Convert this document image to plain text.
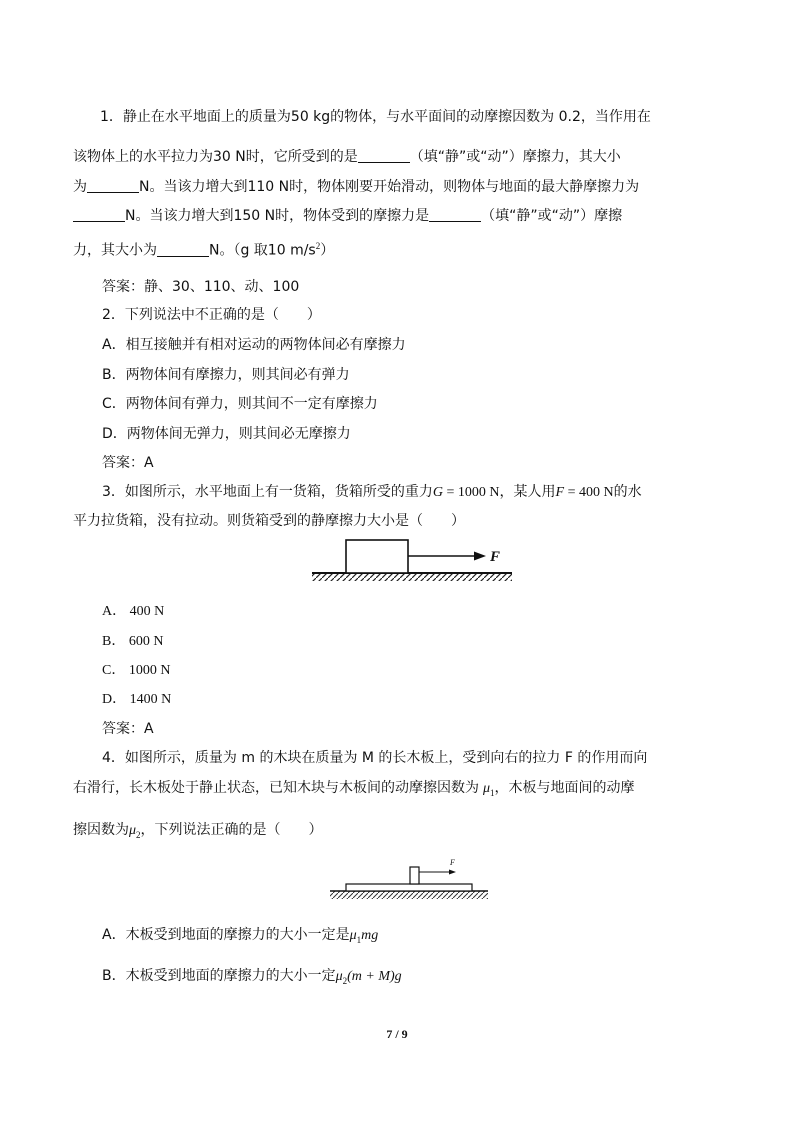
1．静止在水平地面上的质量为50 kg的物体，与水平面间的动摩擦因数为 0.2，当作用在
该物体上的水平拉力为30 N时，它所受到的是	（填“静”或“动”）摩擦力，其大小
为	N。当该力增大到110 N时，物体刚要开始滑动，则物体与地面的最大静摩擦力为
N。当该力增大到150 N时，物体受到的摩擦力是	（填“静”或“动”）摩擦
力，其大小为	N。（g 取10 $m/s^2$）
答案：静、30、110、动、100
2．下列说法中不正确的是（　　）
A．相互接触并有相对运动的两物体间必有摩擦力
B．两物体间有摩擦力，则其间必有弹力
C．两物体间有弹力，则其间不一定有摩擦力
D．两物体间无弹力，则其间必无摩擦力
答案：A
3．如图所示，水平地面上有一货箱，货箱所受的重力G = 1000 N，某人用F = 400 N的水
平力拉货箱，没有拉动。则货箱受到的静摩擦力大小是（　　）
F
A． 400 N
B． 600 N
C． 1000 N
D． 1400 N
答案：A
4．如图所示，质量为 m 的木块在质量为 M 的长木板上，受到向右的拉力 F 的作用而向
右滑行，长木板处于静止状态，已知木块与木板间的动摩擦因数为 $\mu_1$，木板与地面间的动摩
擦因数为$\mu_2$，下列说法正确的是（　　）
F
A．木板受到地面的摩擦力的大小一定是$\mu_1mg$
B．木板受到地面的摩擦力的大小一定$\mu_2(m + M)g$
7 / 9
